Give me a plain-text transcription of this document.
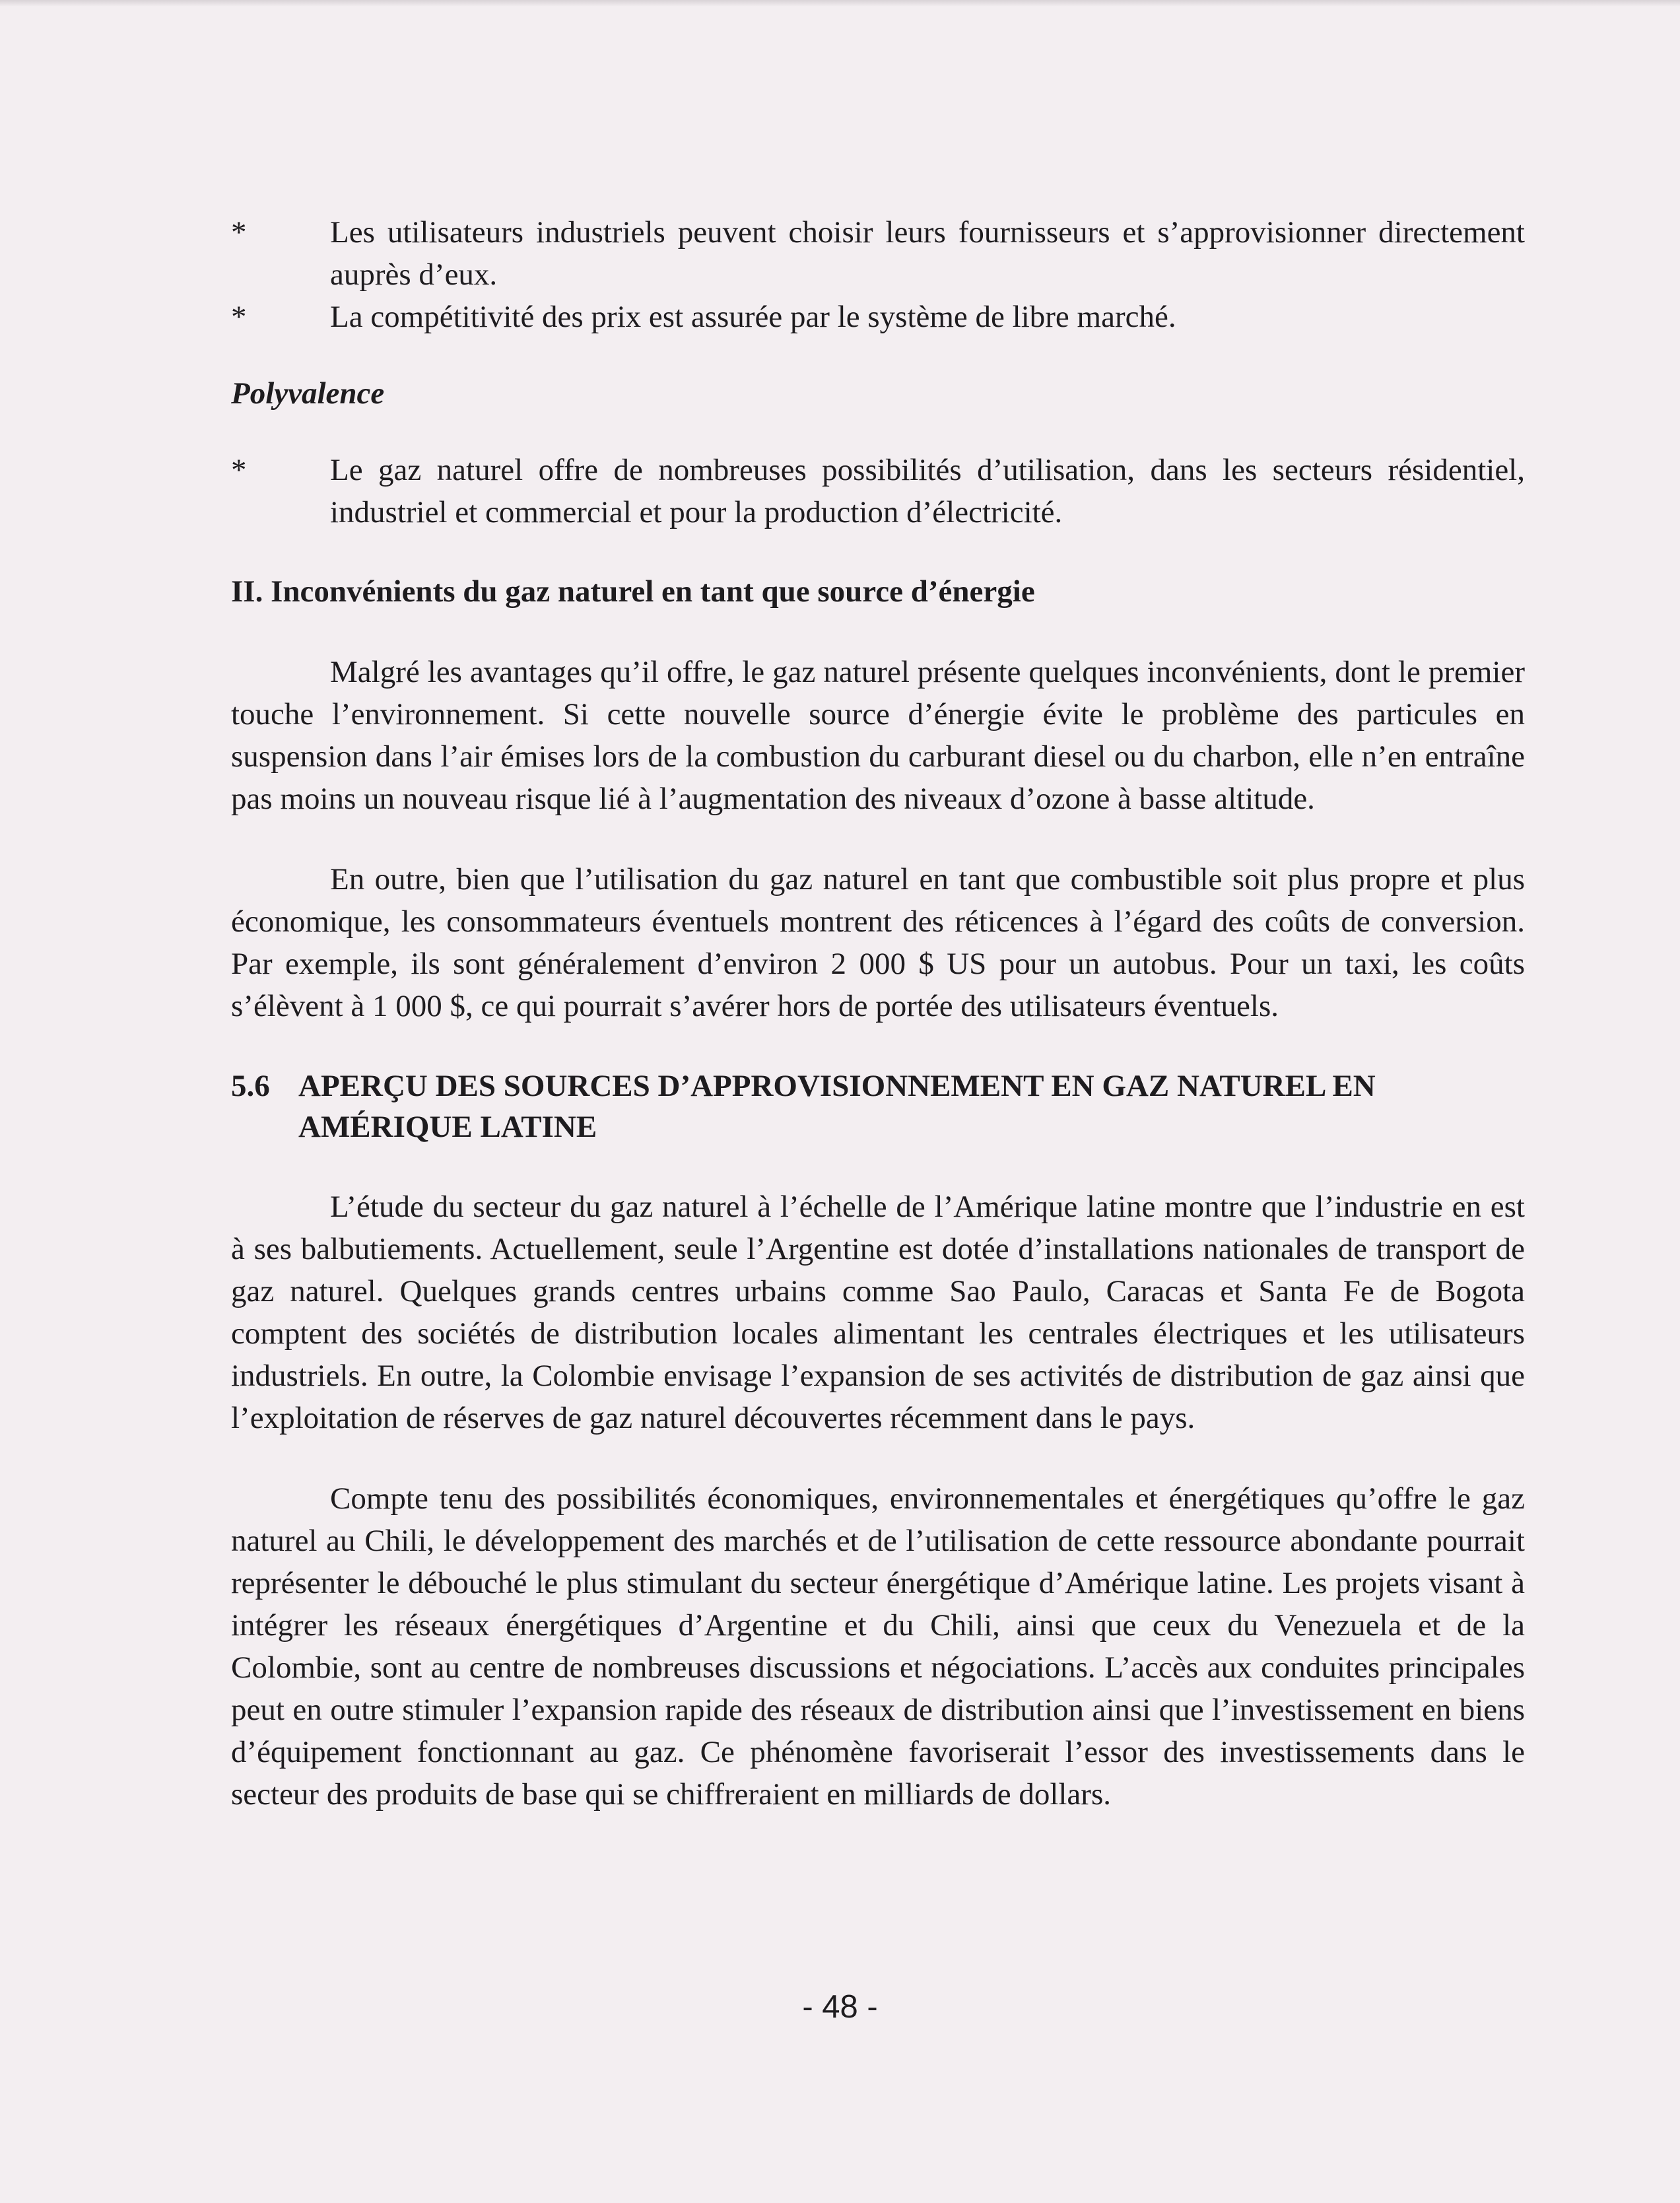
*	Les utilisateurs industriels peuvent choisir leurs fournisseurs et s’approvisionner directement auprès d’eux.

*	La compétitivité des prix est assurée par le système de libre marché.

Polyvalence

*	Le gaz naturel offre de nombreuses possibilités d’utilisation, dans les secteurs résidentiel, industriel et commercial et pour la production d’électricité.

II. Inconvénients du gaz naturel en tant que source d’énergie

Malgré les avantages qu’il offre, le gaz naturel présente quelques inconvénients, dont le premier touche l’environnement. Si cette nouvelle source d’énergie évite le problème des particules en suspension dans l’air émises lors de la combustion du carburant diesel ou du charbon, elle n’en entraîne pas moins un nouveau risque lié à l’augmentation des niveaux d’ozone à basse altitude.

En outre, bien que l’utilisation du gaz naturel en tant que combustible soit plus propre et plus économique, les consommateurs éventuels montrent des réticences à l’égard des coûts de conversion. Par exemple, ils sont généralement d’environ 2 000 $ US pour un autobus. Pour un taxi, les coûts s’élèvent à 1 000 $, ce qui pourrait s’avérer hors de portée des utilisateurs éventuels.

5.6 APERÇU DES SOURCES D’APPROVISIONNEMENT EN GAZ NATUREL EN AMÉRIQUE LATINE

L’étude du secteur du gaz naturel à l’échelle de l’Amérique latine montre que l’industrie en est à ses balbutiements. Actuellement, seule l’Argentine est dotée d’installations nationales de transport de gaz naturel. Quelques grands centres urbains comme Sao Paulo, Caracas et Santa Fe de Bogota comptent des sociétés de distribution locales alimentant les centrales électriques et les utilisateurs industriels. En outre, la Colombie envisage l’expansion de ses activités de distribution de gaz ainsi que l’exploitation de réserves de gaz naturel découvertes récemment dans le pays.

Compte tenu des possibilités économiques, environnementales et énergétiques qu’offre le gaz naturel au Chili, le développement des marchés et de l’utilisation de cette ressource abondante pourrait représenter le débouché le plus stimulant du secteur énergétique d’Amérique latine. Les projets visant à intégrer les réseaux énergétiques d’Argentine et du Chili, ainsi que ceux du Venezuela et de la Colombie, sont au centre de nombreuses discussions et négociations. L’accès aux conduites principales peut en outre stimuler l’expansion rapide des réseaux de distribution ainsi que l’investissement en biens d’équipement fonctionnant au gaz. Ce phénomène favoriserait l’essor des investissements dans le secteur des produits de base qui se chiffreraient en milliards de dollars.

- 48 -
